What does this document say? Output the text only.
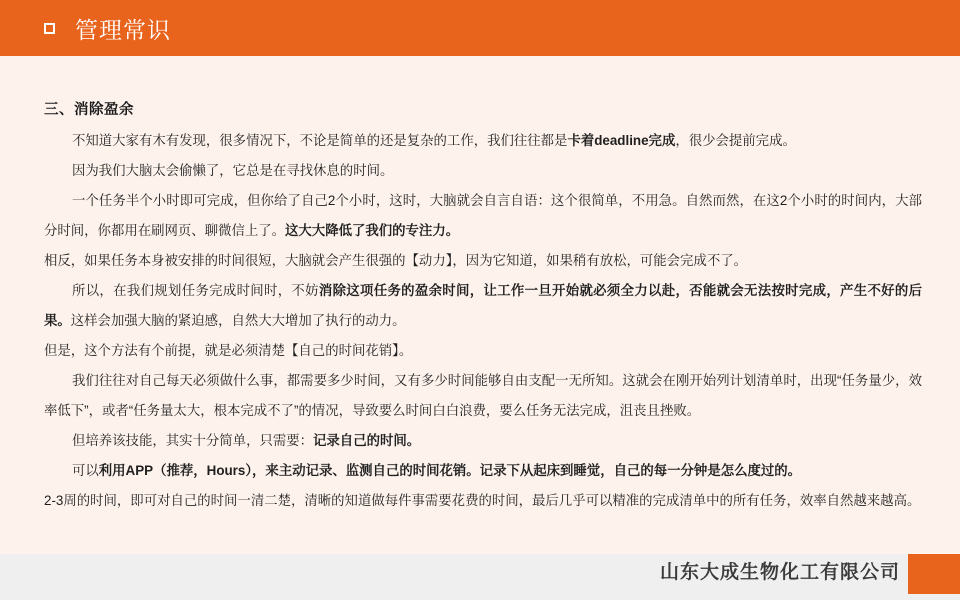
管理常识
三、消除盈余
不知道大家有木有发现，很多情况下，不论是简单的还是复杂的工作，我们往往都是卡着deadline完成，很少会提前完成。
因为我们大脑太会偷懒了，它总是在寻找休息的时间。
一个任务半个小时即可完成，但你给了自己2个小时，这时，大脑就会自言自语：这个很简单，不用急。自然而然，在这2个小时的时间内，大部分时间，你都用在刷网页、聊微信上了。这大大降低了我们的专注力。
相反，如果任务本身被安排的时间很短，大脑就会产生很强的【动力】，因为它知道，如果稍有放松，可能会完成不了。
所以，在我们规划任务完成时间时，不妨消除这项任务的盈余时间，让工作一旦开始就必须全力以赴，否能就会无法按时完成，产生不好的后果。这样会加强大脑的紧迫感，自然大大增加了执行的动力。
但是，这个方法有个前提，就是必须清楚【自己的时间花销】。
我们往往对自己每天必须做什么事，都需要多少时间，又有多少时间能够自由支配一无所知。这就会在刚开始列计划清单时，出现“任务量少，效率低下”，或者“任务量太大，根本完成不了”的情况，导致要么时间白白浪费，要么任务无法完成，沮丧且挫败。
但培养该技能，其实十分简单，只需要：记录自己的时间。
可以利用APP（推荐，Hours），来主动记录、监测自己的时间花销。记录下从起床到睡觉，自己的每一分钟是怎么度过的。
2-3周的时间，即可对自己的时间一清二楚，清晰的知道做每件事需要花费的时间，最后几乎可以精准的完成清单中的所有任务，效率自然越来越高。
山东大成生物化工有限公司
